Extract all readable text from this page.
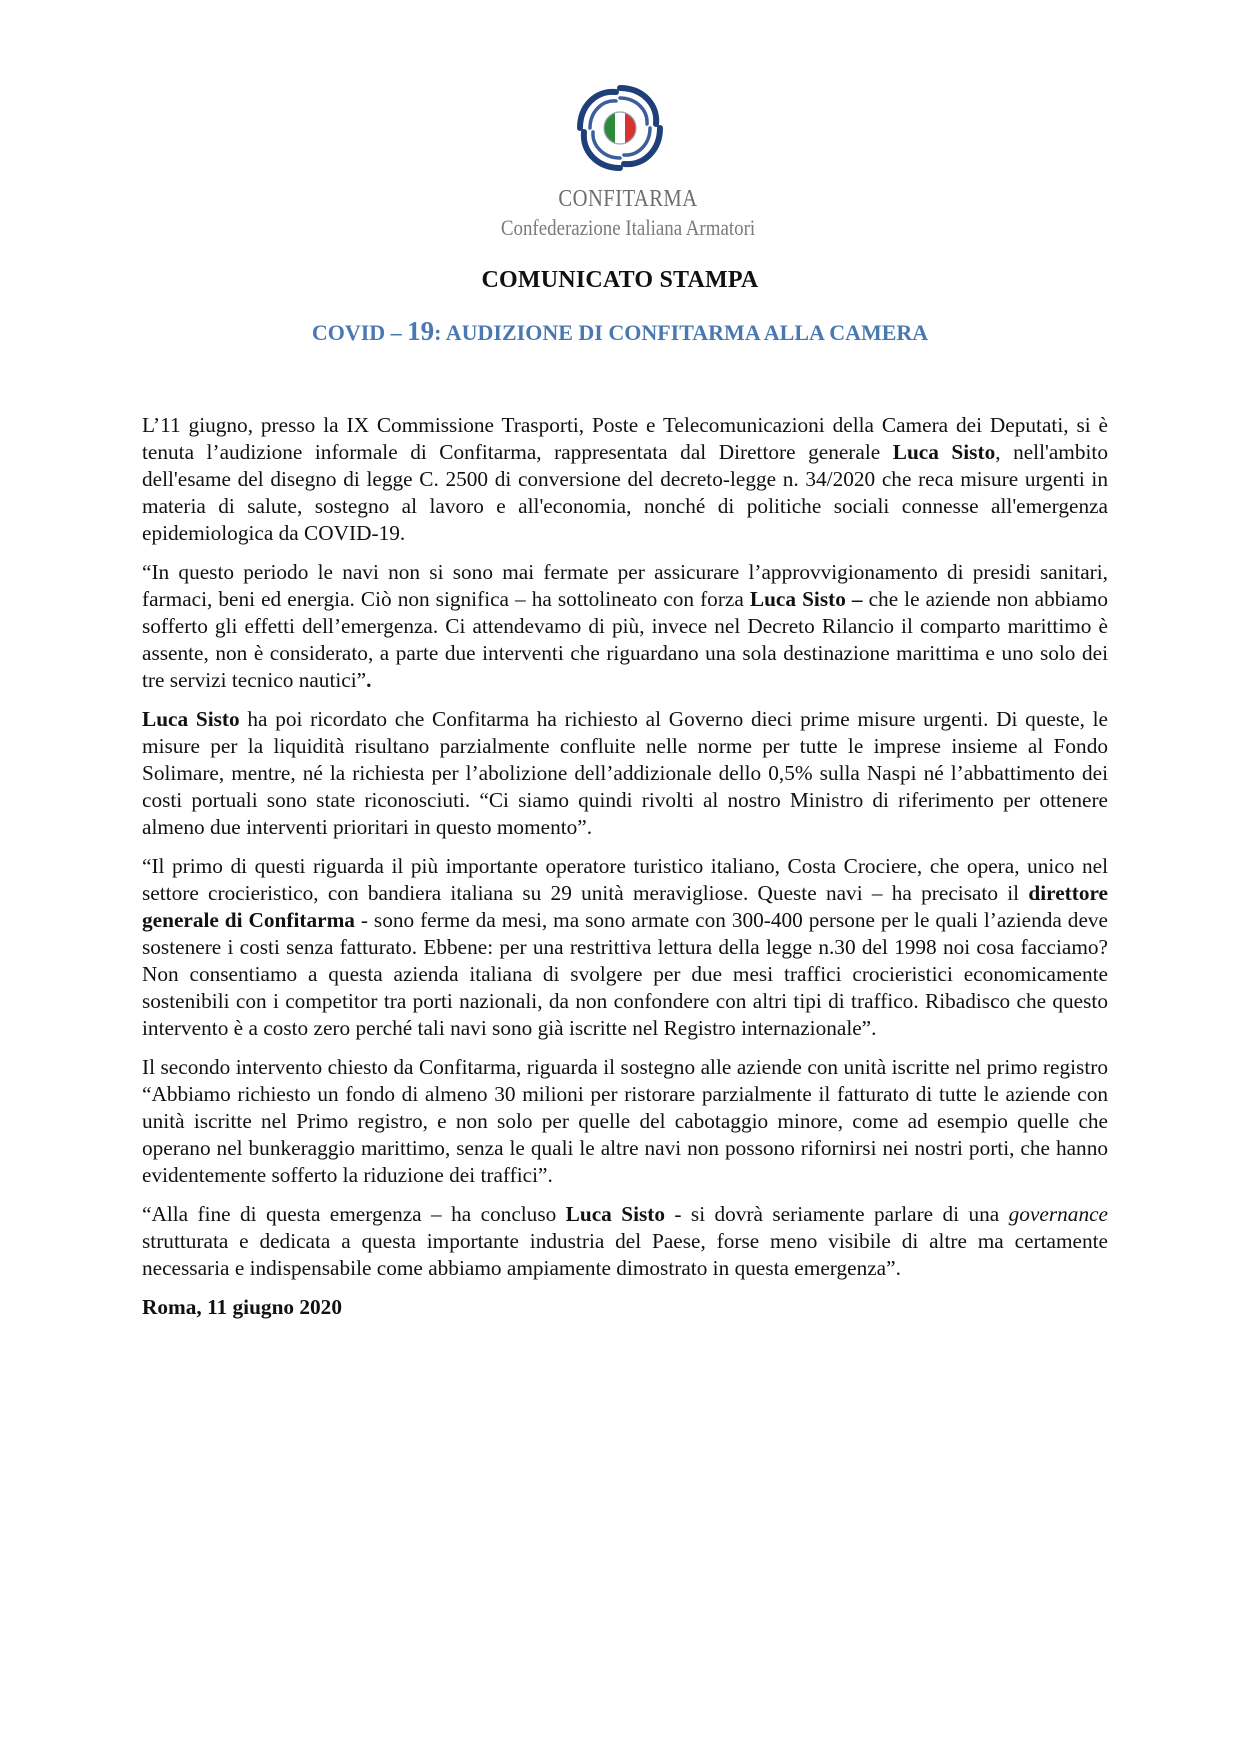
CONFITARMA
Confederazione Italiana Armatori
COMUNICATO STAMPA
COVID – 19: AUDIZIONE DI CONFITARMA ALLA CAMERA

L’11 giugno, presso la IX Commissione Trasporti, Poste e Telecomunicazioni della Camera dei Deputati, si è tenuta l’audizione informale di Confitarma, rappresentata dal Direttore generale Luca Sisto, nell'ambito dell'esame del disegno di legge C. 2500 di conversione del decreto-legge n. 34/2020 che reca misure urgenti in materia di salute, sostegno al lavoro e all'economia, nonché di politiche sociali connesse all'emergenza epidemiologica da COVID-19.

“In questo periodo le navi non si sono mai fermate per assicurare l’approvvigionamento di presidi sanitari, farmaci, beni ed energia. Ciò non significa – ha sottolineato con forza Luca Sisto – che le aziende non abbiamo sofferto gli effetti dell’emergenza. Ci attendevamo di più, invece nel Decreto Rilancio il comparto marittimo è assente, non è considerato, a parte due interventi che riguardano una sola destinazione marittima e uno solo dei tre servizi tecnico nautici”.

Luca Sisto ha poi ricordato che Confitarma ha richiesto al Governo dieci prime misure urgenti. Di queste, le misure per la liquidità risultano parzialmente confluite nelle norme per tutte le imprese insieme al Fondo Solimare, mentre, né la richiesta per l’abolizione dell’addizionale dello 0,5% sulla Naspi né l’abbattimento dei costi portuali sono state riconosciuti. “Ci siamo quindi rivolti al nostro Ministro di riferimento per ottenere almeno due interventi prioritari in questo momento”.

“Il primo di questi riguarda il più importante operatore turistico italiano, Costa Crociere, che opera, unico nel settore crocieristico, con bandiera italiana su 29 unità meravigliose. Queste navi – ha precisato il direttore generale di Confitarma - sono ferme da mesi, ma sono armate con 300-400 persone per le quali l’azienda deve sostenere i costi senza fatturato. Ebbene: per una restrittiva lettura della legge n.30 del 1998 noi cosa facciamo? Non consentiamo a questa azienda italiana di svolgere per due mesi traffici crocieristici economicamente sostenibili con i competitor tra porti nazionali, da non confondere con altri tipi di traffico. Ribadisco che questo intervento è a costo zero perché tali navi sono già iscritte nel Registro internazionale”.

Il secondo intervento chiesto da Confitarma, riguarda il sostegno alle aziende con unità iscritte nel primo registro “Abbiamo richiesto un fondo di almeno 30 milioni per ristorare parzialmente il fatturato di tutte le aziende con unità iscritte nel Primo registro, e non solo per quelle del cabotaggio minore, come ad esempio quelle che operano nel bunkeraggio marittimo, senza le quali le altre navi non possono rifornirsi nei nostri porti, che hanno evidentemente sofferto la riduzione dei traffici”.

“Alla fine di questa emergenza – ha concluso Luca Sisto - si dovrà seriamente parlare di una governance strutturata e dedicata a questa importante industria del Paese, forse meno visibile di altre ma certamente necessaria e indispensabile come abbiamo ampiamente dimostrato in questa emergenza”.

Roma, 11 giugno 2020
